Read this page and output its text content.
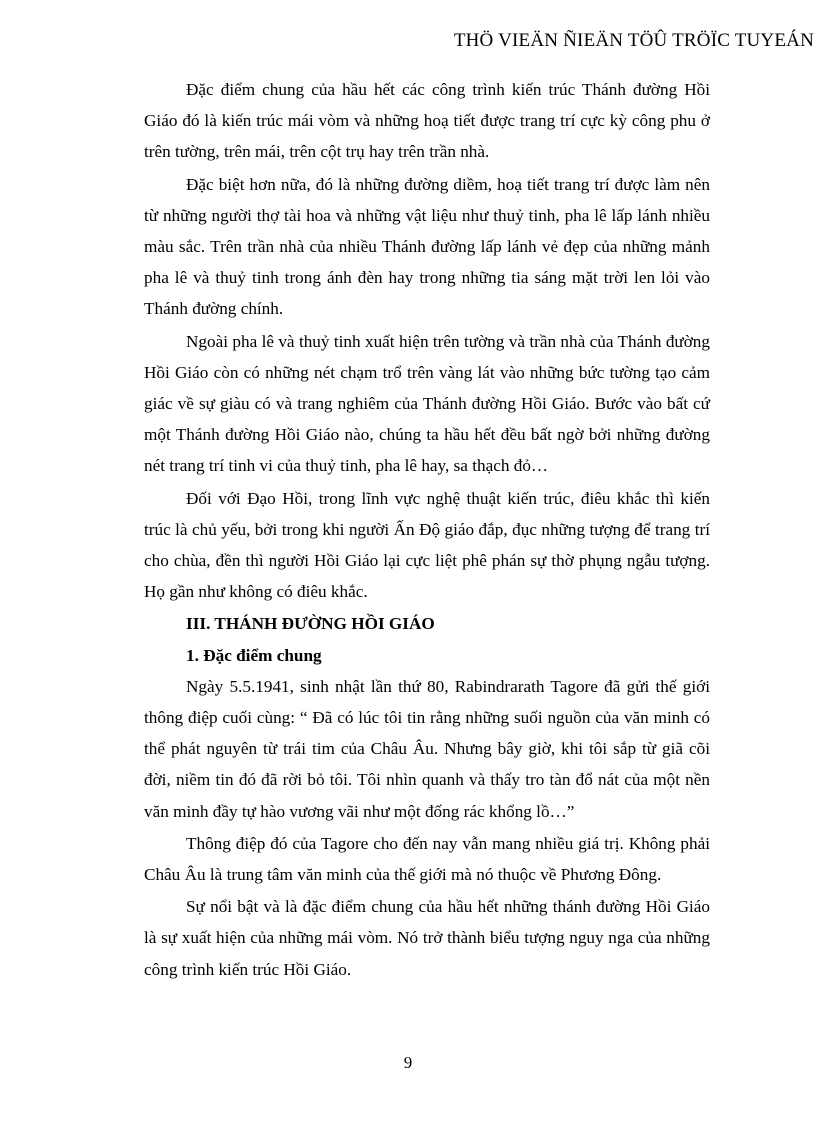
THÖ VIEÄN ÑIEÄN TÖÛ TRÖÏC TUYEÁN

Đặc điểm chung của hầu hết các công trình kiến trúc Thánh đường Hồi Giáo đó là kiến trúc mái vòm và những hoạ tiết được trang trí cực kỳ công phu ở trên tường, trên mái, trên cột trụ hay trên trần nhà.

Đặc biệt hơn nữa, đó là những đường diềm, hoạ tiết trang trí được làm nên từ những người thợ tài hoa và những vật liệu như thuỷ tinh, pha lê lấp lánh nhiều màu sắc. Trên trần nhà của nhiều Thánh đường lấp lánh vẻ đẹp của những mảnh pha lê và thuỷ tinh trong ánh đèn hay trong những tia sáng mặt trời len lỏi vào Thánh đường chính.

Ngoài pha lê và thuỷ tinh xuất hiện trên tường và trần nhà của Thánh đường Hồi Giáo còn có những nét chạm trổ trên vàng lát vào những bức tường tạo cảm giác về sự giàu có và trang nghiêm của Thánh đường Hồi Giáo. Bước vào bất cứ một Thánh đường Hồi Giáo nào, chúng ta hầu hết đều bất ngờ bởi những đường nét trang trí tinh vi của thuỷ tinh, pha lê hay, sa thạch đỏ…

Đối với Đạo Hồi, trong lĩnh vực nghệ thuật kiến trúc, điêu khắc thì kiến trúc là chủ yếu, bởi trong khi người Ấn Độ giáo đắp, đục những tượng để trang trí cho chùa, đền thì người Hồi Giáo lại cực liệt phê phán sự thờ phụng ngẫu tượng. Họ gần như không có điêu khắc.

III. THÁNH ĐƯỜNG HỒI GIÁO
1. Đặc điểm chung

Ngày 5.5.1941, sinh nhật lần thứ 80, Rabindrarath Tagore đã gửi thế giới thông điệp cuối cùng: “ Đã có lúc tôi tin rằng những suối nguồn của văn minh có thể phát nguyên từ trái tim của Châu Âu. Nhưng bây giờ, khi tôi sắp từ giã cõi đời, niềm tin đó đã rời bỏ tôi. Tôi nhìn quanh và thấy tro tàn đổ nát của một nền văn minh đầy tự hào vương vãi như một đống rác khổng lồ…”

Thông điệp đó của Tagore cho đến nay vẫn mang nhiều giá trị. Không phải Châu Âu là trung tâm văn minh của thế giới mà nó thuộc về Phương Đông.

Sự nổi bật và là đặc điểm chung của hầu hết những thánh đường Hồi Giáo là sự xuất hiện của những mái vòm. Nó trở thành biểu tượng nguy nga của những công trình kiến trúc Hồi Giáo.

9
